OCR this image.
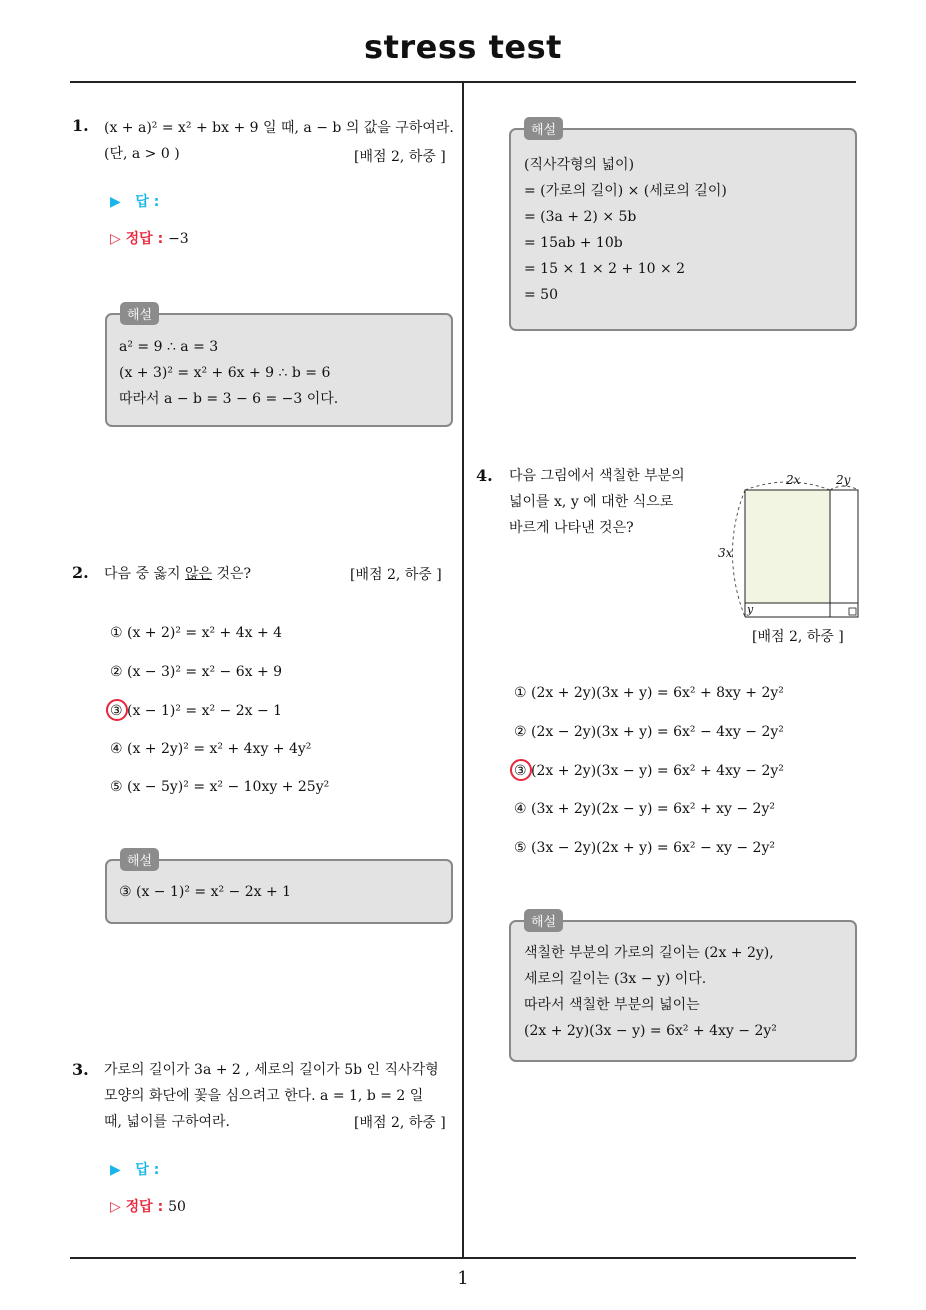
stress test
1
1. (x + a)² = x² + bx + 9 일 때, a − b 의 값을 구하여라.
(단, a > 0 )	[배점 2, 하중 ]
▶ 답 :
▷ 정답 : −3
a² = 9 ∴ a = 3
(x + 3)² = x² + 6x + 9 ∴ b = 6
따라서 a − b = 3 − 6 = −3 이다.
해설
2. 다음 중 옳지 않은 것은?	[배점 2, 하중 ]
① (x + 2)² = x² + 4x + 4
② (x − 3)² = x² − 6x + 9
③ (x − 1)² = x² − 2x − 1
④ (x + 2y)² = x² + 4xy + 4y²
⑤ (x − 5y)² = x² − 10xy + 25y²
③ (x − 1)² = x² − 2x + 1
해설
3. 가로의 길이가 3a + 2 , 세로의 길이가 5b 인 직사각형
모양의 화단에 꽃을 심으려고 한다. a = 1, b = 2 일
때, 넓이를 구하여라.	[배점 2, 하중 ]
▶ 답 :
▷ 정답 : 50
(직사각형의 넓이)
= (가로의 길이) × (세로의 길이)
= (3a + 2) × 5b
= 15ab + 10b
= 15 × 1 × 2 + 10 × 2
= 50
해설
4. 다음 그림에서 색칠한 부분의
넓이를 x, y 에 대한 식으로
바르게 나타낸 것은?
2x	2y
3x
y
[배점 2, 하중 ]
① (2x + 2y)(3x + y) = 6x² + 8xy + 2y²
② (2x − 2y)(3x + y) = 6x² − 4xy − 2y²
③ (2x + 2y)(3x − y) = 6x² + 4xy − 2y²
④ (3x + 2y)(2x − y) = 6x² + xy − 2y²
⑤ (3x − 2y)(2x + y) = 6x² − xy − 2y²
색칠한 부분의 가로의 길이는 (2x + 2y),
세로의 길이는 (3x − y) 이다.
따라서 색칠한 부분의 넓이는
(2x + 2y)(3x − y) = 6x² + 4xy − 2y²
해설
